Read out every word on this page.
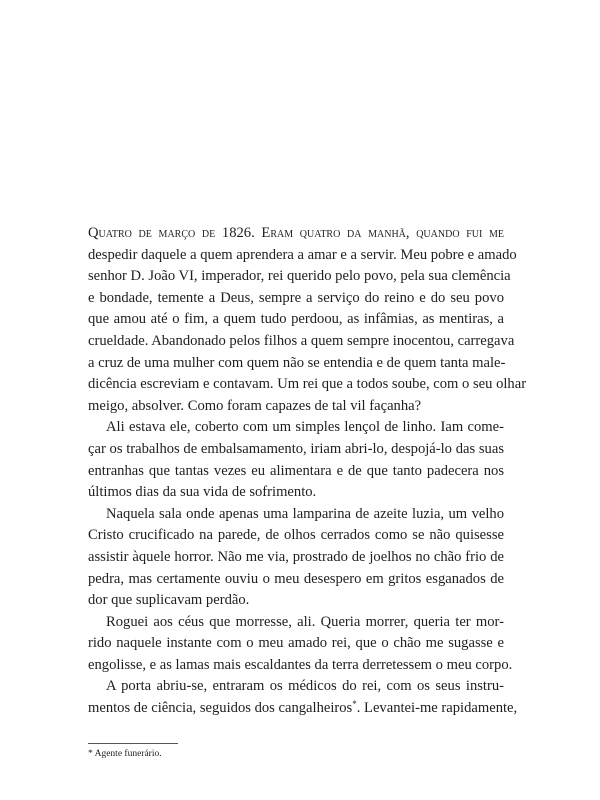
Quatro de março de 1826. Eram quatro da manhã, quando fui me
despedir daquele a quem aprendera a amar e a servir. Meu pobre e amado
senhor D. João VI, imperador, rei querido pelo povo, pela sua clemência
e bondade, temente a Deus, sempre a serviço do reino e do seu povo
que amou até o fim, a quem tudo perdoou, as infâmias, as mentiras, a
crueldade. Abandonado pelos filhos a quem sempre inocentou, carregava
a cruz de uma mulher com quem não se entendia e de quem tanta male-
dicência escreviam e contavam. Um rei que a todos soube, com o seu olhar
meigo, absolver. Como foram capazes de tal vil façanha?
Ali estava ele, coberto com um simples lençol de linho. Iam come-
çar os trabalhos de embalsamamento, iriam abri-lo, despojá-lo das suas
entranhas que tantas vezes eu alimentara e de que tanto padecera nos
últimos dias da sua vida de sofrimento.
Naquela sala onde apenas uma lamparina de azeite luzia, um velho
Cristo crucificado na parede, de olhos cerrados como se não quisesse
assistir àquele horror. Não me via, prostrado de joelhos no chão frio de
pedra, mas certamente ouviu o meu desespero em gritos esganados de
dor que suplicavam perdão.
Roguei aos céus que morresse, ali. Queria morrer, queria ter mor-
rido naquele instante com o meu amado rei, que o chão me sugasse e
engolisse, e as lamas mais escaldantes da terra derretessem o meu corpo.
A porta abriu-se, entraram os médicos do rei, com os seus instru-
mentos de ciência, seguidos dos cangalheiros*. Levantei-me rapidamente,
* Agente funerário.
